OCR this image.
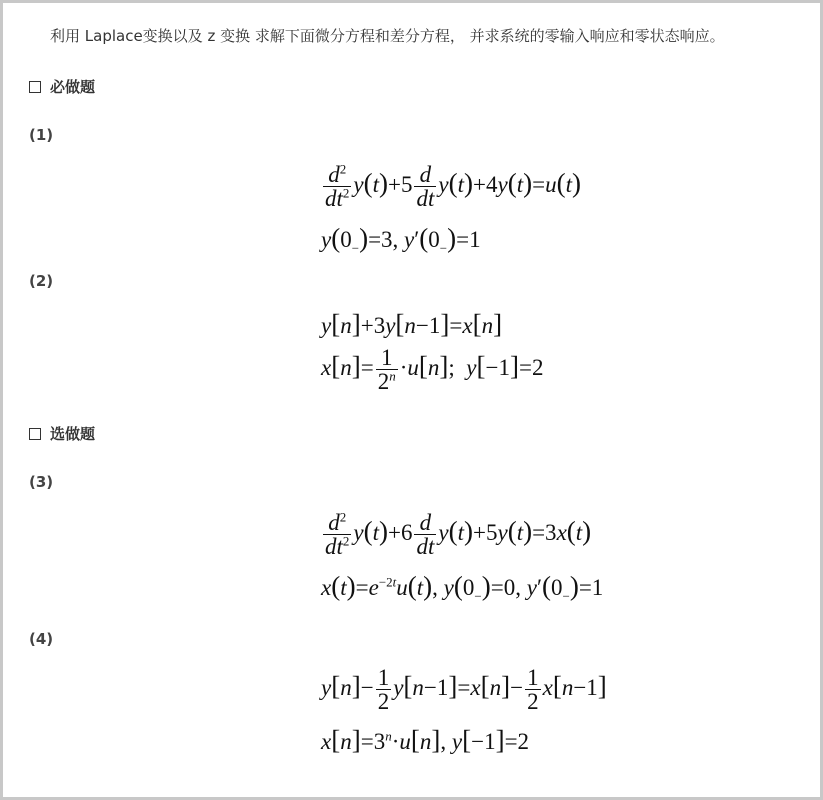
利用 Laplace变换以及 z 变换 求解下面微分方程和差分方程， 并求系统的零输入响应和零状态响应。
必做题
(1)
$\frac{d^2}{dt^2} y(t)+5 \frac{d}{dt} y(t)+4y(t)=u(t)$
$y(0_-)=3$, $y'(0_-)=1$
(2)
y[n]+3y[n−1]=x[n]
$x[n]= \frac{1}{2^n} \cdot u[n]$;  y[−1]=2
选做题
(3)
$\frac{d^2}{dt^2} y(t)+6 \frac{d}{dt} y(t)+5y(t)=3x(t)$
$x(t)=e^{-2t}u(t)$, $y(0_-)=0$, $y'(0_-)=1$
(4)
$y[n]- \frac{1}{2} y[n-1]=x[n]- \frac{1}{2} x[n-1]$
$x[n]=3^n\cdot u[n]$, y[−1]=2
